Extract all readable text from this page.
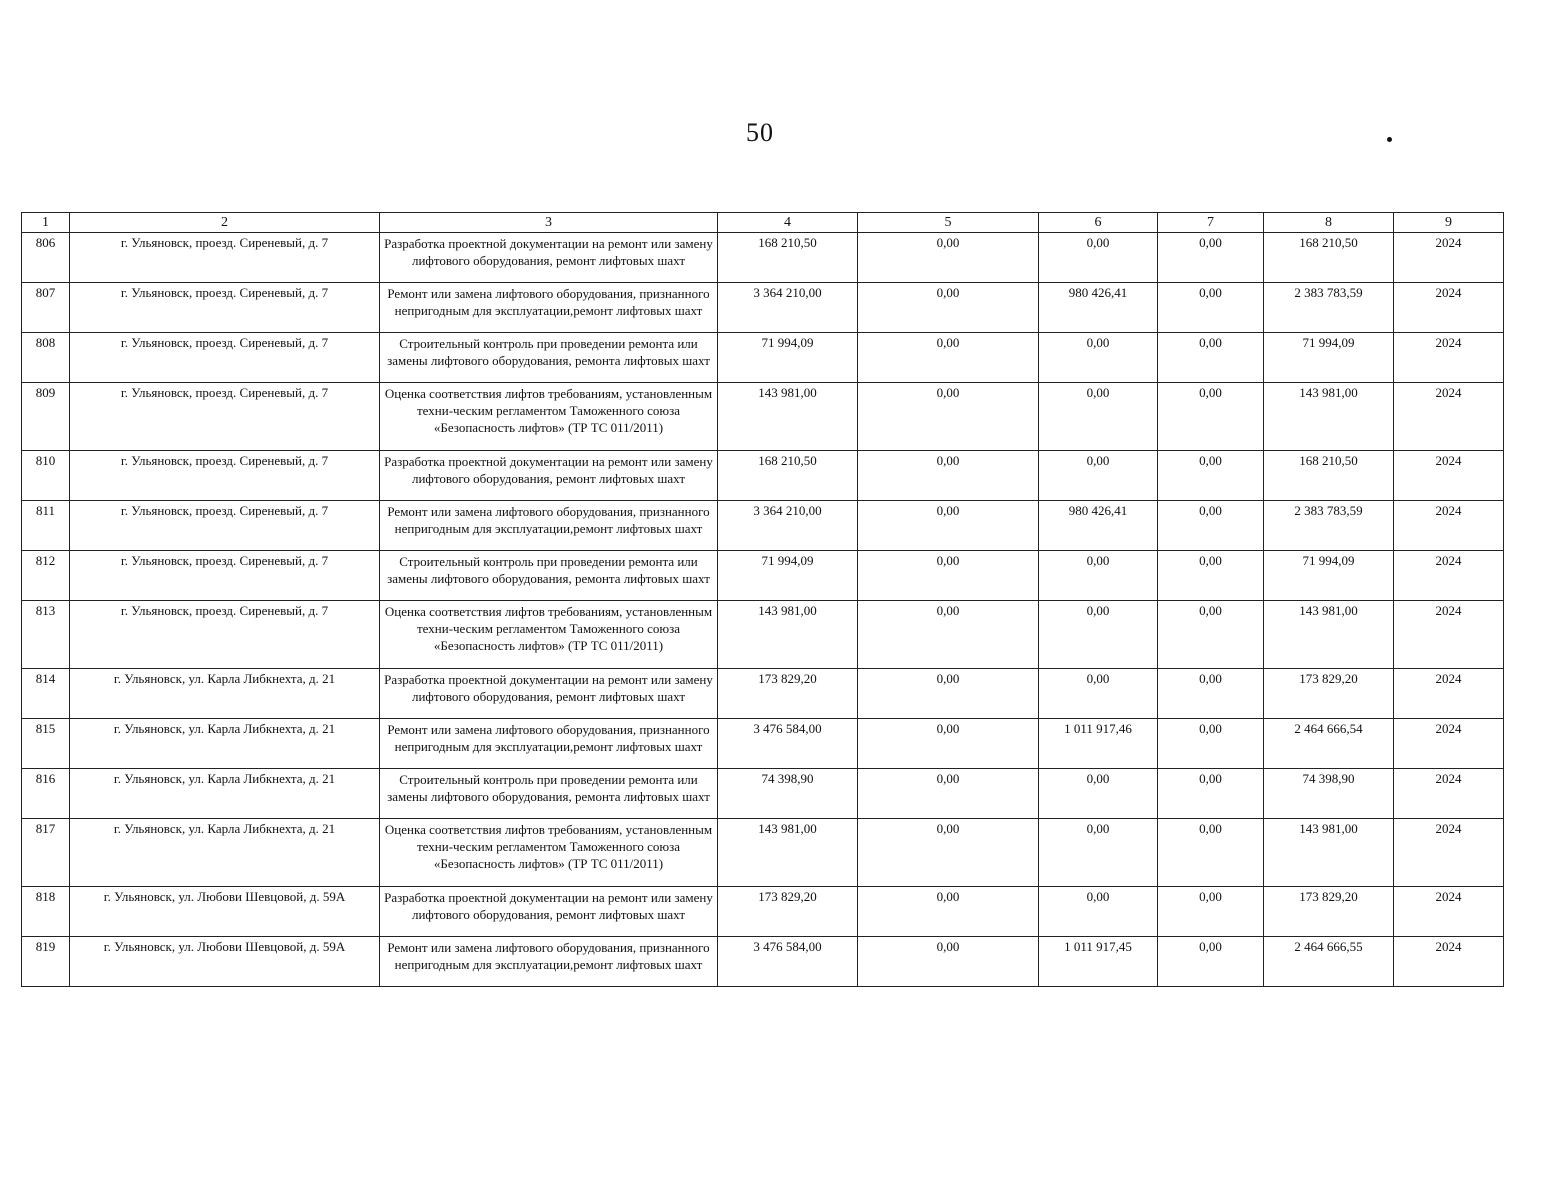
50
1	2	3	4	5	6	7	8	9
806	г. Ульяновск, проезд. Сиреневый, д. 7	Разработка проектной документации на ремонт или замену лифтового оборудования, ремонт лифтовых шахт	168 210,50	0,00	0,00	0,00	168 210,50	2024
807	г. Ульяновск, проезд. Сиреневый, д. 7	Ремонт или замена лифтового оборудования, признанного непригодным для эксплуатации,ремонт лифтовых шахт	3 364 210,00	0,00	980 426,41	0,00	2 383 783,59	2024
808	г. Ульяновск, проезд. Сиреневый, д. 7	Строительный контроль при проведении ремонта или замены лифтового оборудования, ремонта лифтовых шахт	71 994,09	0,00	0,00	0,00	71 994,09	2024
809	г. Ульяновск, проезд. Сиреневый, д. 7	Оценка соответствия лифтов требованиям, установленным техни-ческим регламентом Таможенного союза «Безопасность лифтов» (ТР ТС 011/2011)	143 981,00	0,00	0,00	0,00	143 981,00	2024
810	г. Ульяновск, проезд. Сиреневый, д. 7	Разработка проектной документации на ремонт или замену лифтового оборудования, ремонт лифтовых шахт	168 210,50	0,00	0,00	0,00	168 210,50	2024
811	г. Ульяновск, проезд. Сиреневый, д. 7	Ремонт или замена лифтового оборудования, признанного непригодным для эксплуатации,ремонт лифтовых шахт	3 364 210,00	0,00	980 426,41	0,00	2 383 783,59	2024
812	г. Ульяновск, проезд. Сиреневый, д. 7	Строительный контроль при проведении ремонта или замены лифтового оборудования, ремонта лифтовых шахт	71 994,09	0,00	0,00	0,00	71 994,09	2024
813	г. Ульяновск, проезд. Сиреневый, д. 7	Оценка соответствия лифтов требованиям, установленным техни-ческим регламентом Таможенного союза «Безопасность лифтов» (ТР ТС 011/2011)	143 981,00	0,00	0,00	0,00	143 981,00	2024
814	г. Ульяновск, ул. Карла Либкнехта, д. 21	Разработка проектной документации на ремонт или замену лифтового оборудования, ремонт лифтовых шахт	173 829,20	0,00	0,00	0,00	173 829,20	2024
815	г. Ульяновск, ул. Карла Либкнехта, д. 21	Ремонт или замена лифтового оборудования, признанного непригодным для эксплуатации,ремонт лифтовых шахт	3 476 584,00	0,00	1 011 917,46	0,00	2 464 666,54	2024
816	г. Ульяновск, ул. Карла Либкнехта, д. 21	Строительный контроль при проведении ремонта или замены лифтового оборудования, ремонта лифтовых шахт	74 398,90	0,00	0,00	0,00	74 398,90	2024
817	г. Ульяновск, ул. Карла Либкнехта, д. 21	Оценка соответствия лифтов требованиям, установленным техни-ческим регламентом Таможенного союза «Безопасность лифтов» (ТР ТС 011/2011)	143 981,00	0,00	0,00	0,00	143 981,00	2024
818	г. Ульяновск, ул. Любови Шевцовой, д. 59А	Разработка проектной документации на ремонт или замену лифтового оборудования, ремонт лифтовых шахт	173 829,20	0,00	0,00	0,00	173 829,20	2024
819	г. Ульяновск, ул. Любови Шевцовой, д. 59А	Ремонт или замена лифтового оборудования, признанного непригодным для эксплуатации,ремонт лифтовых шахт	3 476 584,00	0,00	1 011 917,45	0,00	2 464 666,55	2024
